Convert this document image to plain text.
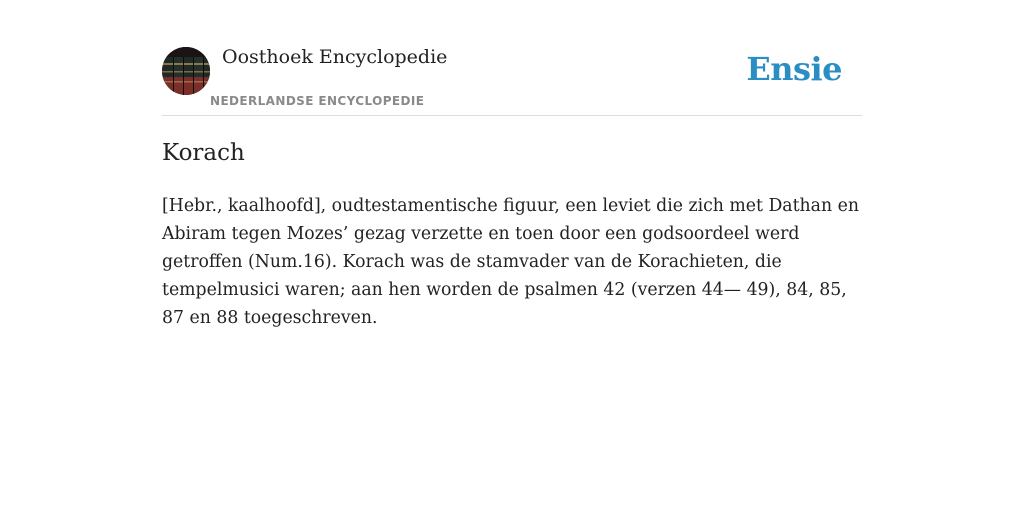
Oosthoek Encyclopedie
NEDERLANDSE ENCYCLOPEDIE
Ensie
Korach

[Hebr., kaalhoofd], oudtestamentische figuur, een leviet die zich met Dathan en Abiram tegen Mozes’ gezag verzette en toen door een godsoordeel werd getroffen (Num.16). Korach was de stamvader van de Korachieten, die tempelmusici waren; aan hen worden de psalmen 42 (verzen 44— 49), 84, 85, 87 en 88 toegeschreven.
